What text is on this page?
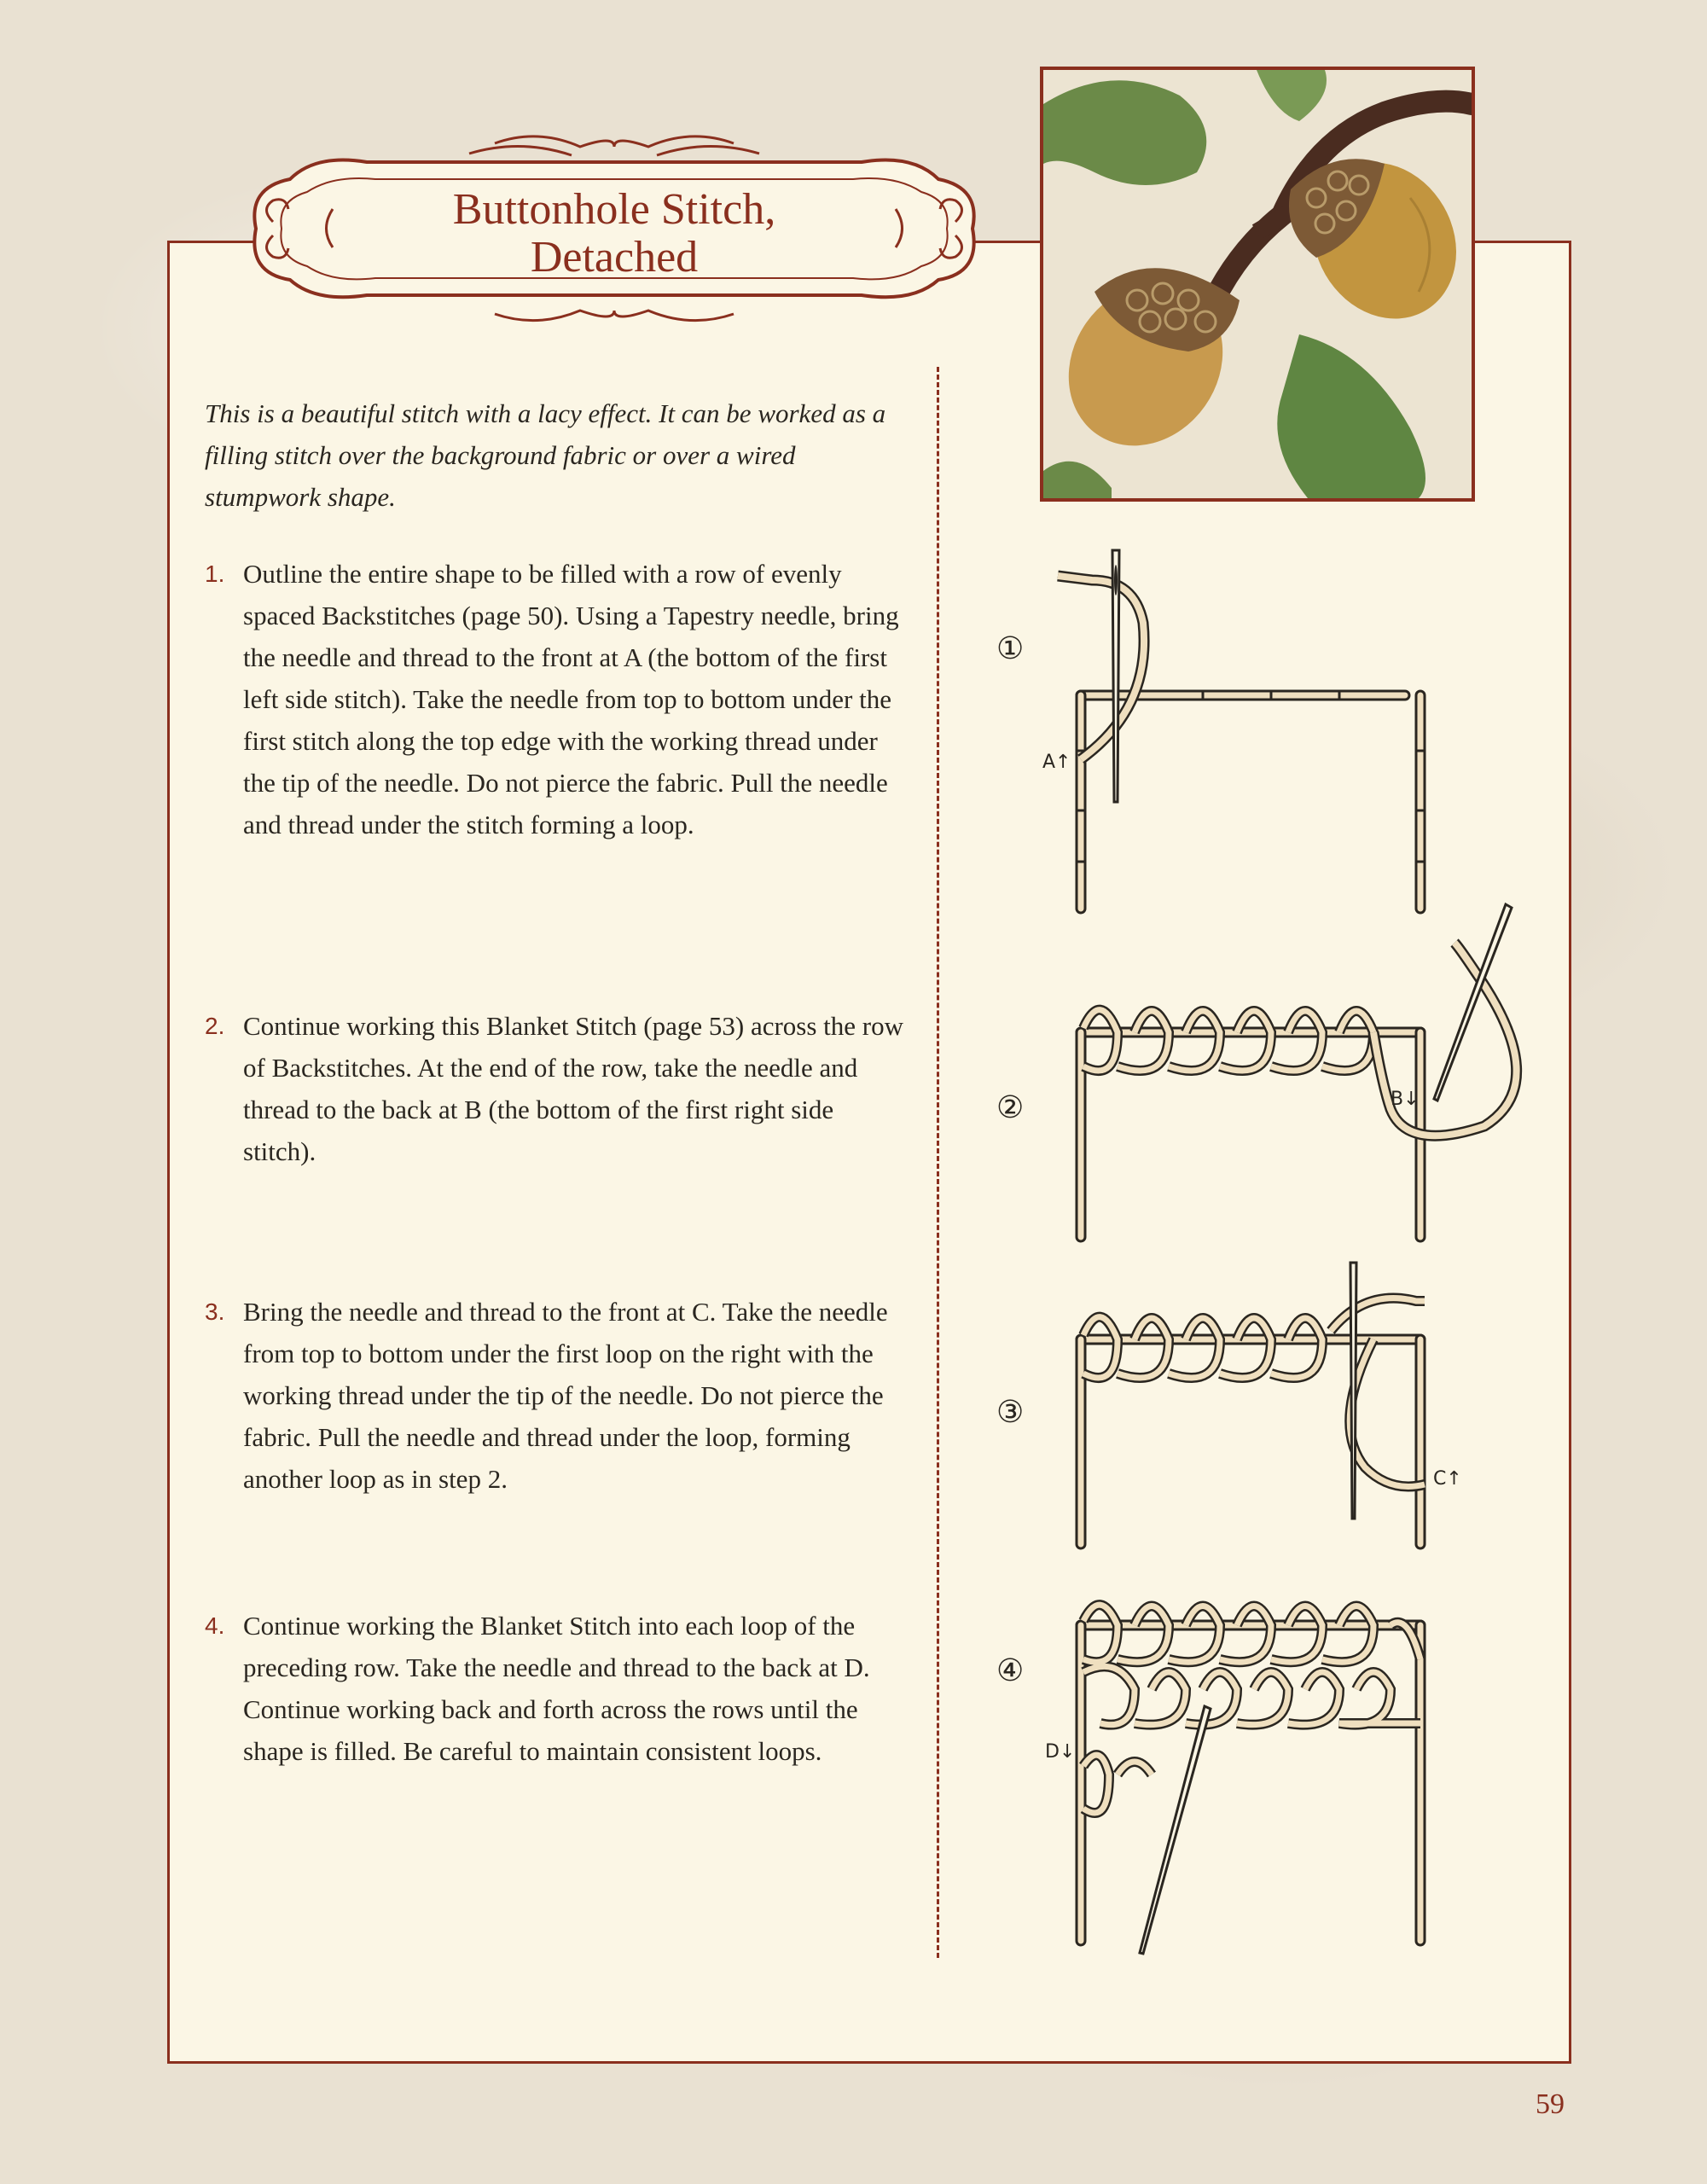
Buttonhole Stitch,
Detached

This is a beautiful stitch with a lacy effect. It can be worked as a filling stitch over the background fabric or over a wired stumpwork shape.

1. Outline the entire shape to be filled with a row of evenly spaced Backstitches (page 50). Using a Tapestry needle, bring the needle and thread to the front at A (the bottom of the first left side stitch). Take the needle from top to bottom under the first stitch along the top edge with the working thread under the tip of the needle. Do not pierce the fabric. Pull the needle and thread under the stitch forming a loop.
2. Continue working this Blanket Stitch (page 53) across the row of Backstitches. At the end of the row, take the needle and thread to the back at B (the bottom of the first right side stitch).
3. Bring the needle and thread to the front at C. Take the needle from top to bottom under the first loop on the right with the working thread under the tip of the needle. Do not pierce the fabric. Pull the needle and thread under the loop, forming another loop as in step 2.
4. Continue working the Blanket Stitch into each loop of the preceding row. Take the needle and thread to the back at D. Continue working back and forth across the rows until the shape is filled. Be careful to maintain consistent loops.
①
A↑
②	B↓
③
C↑
④
D↓
59
